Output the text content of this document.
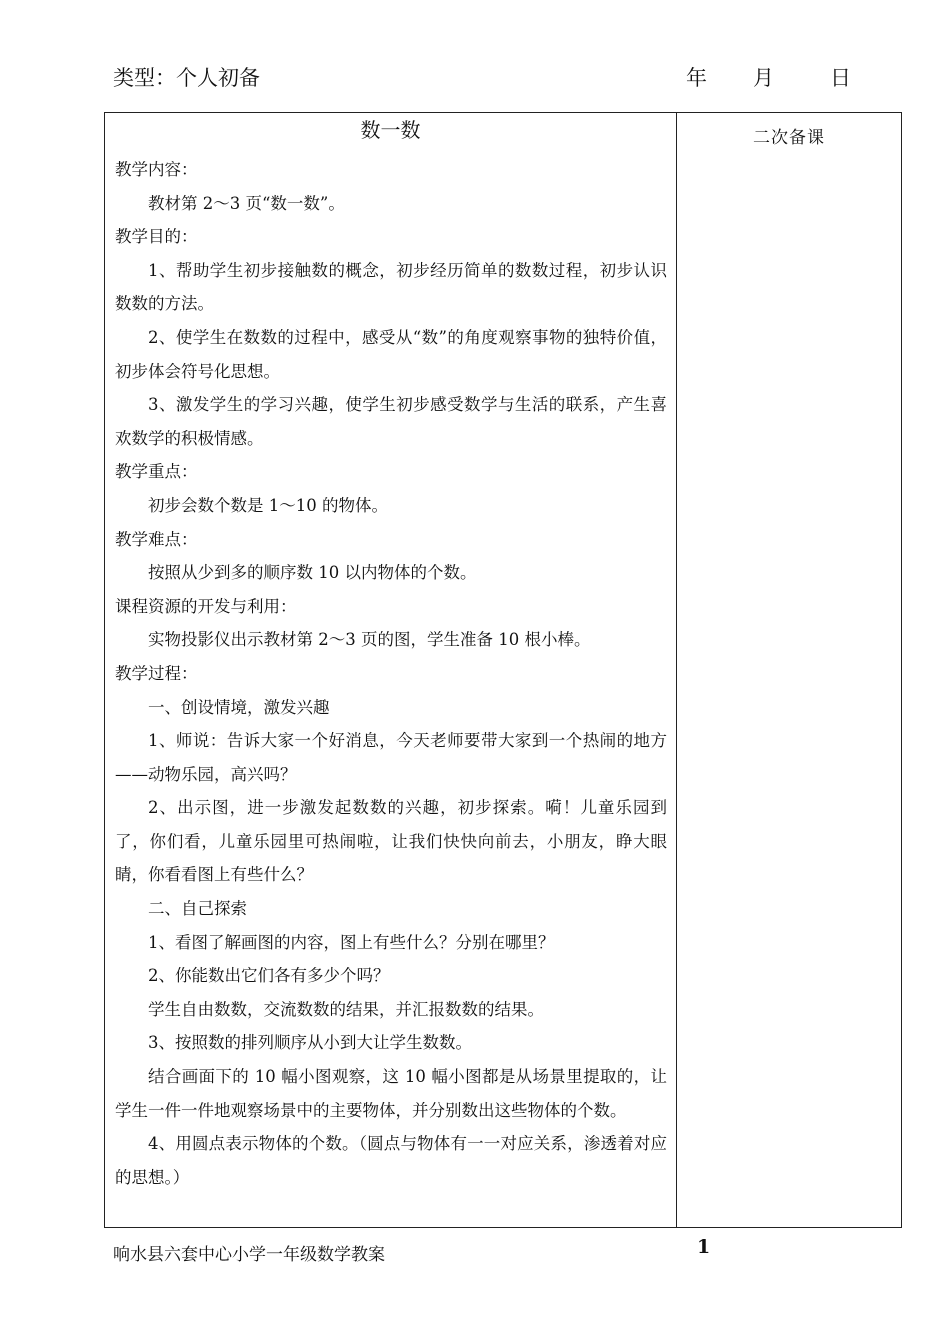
类型：个人初备	年 月	日
数一数

教学内容：

教材第 2～3 页“数一数”。

教学目的：

1、帮助学生初步接触数的概念，初步经历简单的数数过程，初步认识数数的方法。

2、使学生在数数的过程中，感受从“数”的角度观察事物的独特价值，初步体会符号化思想。

3、激发学生的学习兴趣，使学生初步感受数学与生活的联系，产生喜欢数学的积极情感。

教学重点：

初步会数个数是 1～10 的物体。

教学难点：

按照从少到多的顺序数 10 以内物体的个数。

课程资源的开发与利用：

实物投影仪出示教材第 2～3 页的图，学生准备 10 根小棒。

教学过程：

一、创设情境，激发兴趣

1、师说：告诉大家一个好消息，今天老师要带大家到一个热闹的地方——动物乐园，高兴吗？

2、出示图，进一步激发起数数的兴趣，初步探索。嗬！儿童乐园到了，你们看，儿童乐园里可热闹啦，让我们快快向前去，小朋友，睁大眼睛，你看看图上有些什么？

二、自己探索

1、看图了解画图的内容，图上有些什么？分别在哪里？

2、你能数出它们各有多少个吗？

学生自由数数，交流数数的结果，并汇报数数的结果。

3、按照数的排列顺序从小到大让学生数数。

结合画面下的 10 幅小图观察，这 10 幅小图都是从场景里提取的，让学生一件一件地观察场景中的主要物体，并分别数出这些物体的个数。

4、用圆点表示物体的个数。（圆点与物体有一一对应关系，渗透着对应的思想。）

二次备课
响水县六套中心小学一年级数学教案	1
